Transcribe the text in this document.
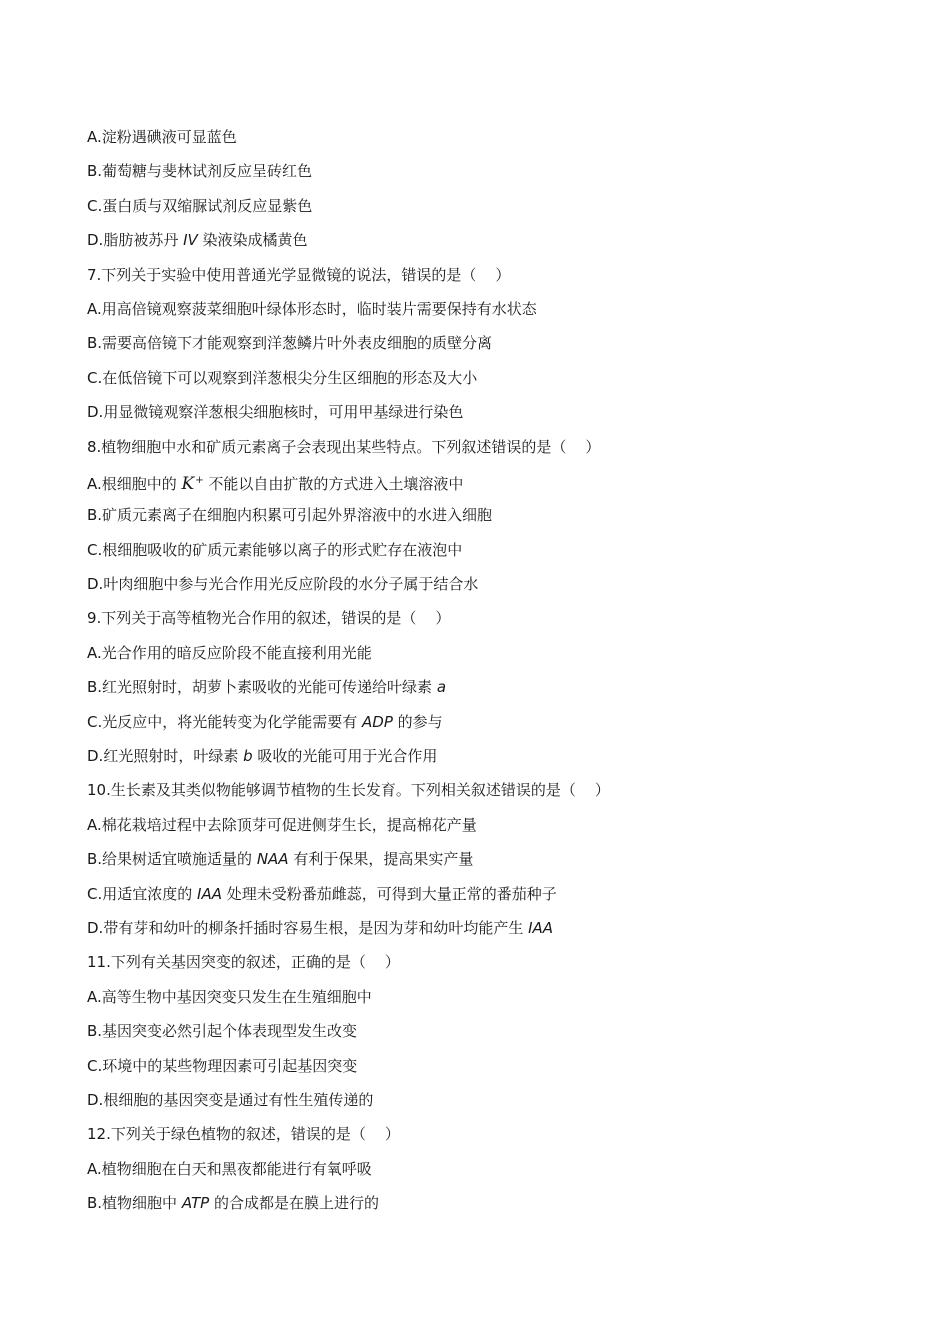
A.淀粉遇碘液可显蓝色
B.葡萄糖与斐林试剂反应呈砖红色
C.蛋白质与双缩脲试剂反应显紫色
D.脂肪被苏丹 IV 染液染成橘黄色
7.下列关于实验中使用普通光学显微镜的说法，错误的是（    ）
A.用高倍镜观察菠菜细胞叶绿体形态时，临时装片需要保持有水状态
B.需要高倍镜下才能观察到洋葱鳞片叶外表皮细胞的质壁分离
C.在低倍镜下可以观察到洋葱根尖分生区细胞的形态及大小
D.用显微镜观察洋葱根尖细胞核时，可用甲基绿进行染色
8.植物细胞中水和矿质元素离子会表现出某些特点。下列叙述错误的是（    ）
A.根细胞中的 K+ 不能以自由扩散的方式进入土壤溶液中
B.矿质元素离子在细胞内积累可引起外界溶液中的水进入细胞
C.根细胞吸收的矿质元素能够以离子的形式贮存在液泡中
D.叶肉细胞中参与光合作用光反应阶段的水分子属于结合水
9.下列关于高等植物光合作用的叙述，错误的是（    ）
A.光合作用的暗反应阶段不能直接利用光能
B.红光照射时，胡萝卜素吸收的光能可传递给叶绿素 a
C.光反应中，将光能转变为化学能需要有 ADP 的参与
D.红光照射时，叶绿素 b 吸收的光能可用于光合作用
10.生长素及其类似物能够调节植物的生长发育。下列相关叙述错误的是（    ）
A.棉花栽培过程中去除顶芽可促进侧芽生长，提高棉花产量
B.给果树适宜喷施适量的 NAA 有利于保果，提高果实产量
C.用适宜浓度的 IAA 处理未受粉番茄雌蕊，可得到大量正常的番茄种子
D.带有芽和幼叶的柳条扦插时容易生根，是因为芽和幼叶均能产生 IAA
11.下列有关基因突变的叙述，正确的是（    ）
A.高等生物中基因突变只发生在生殖细胞中
B.基因突变必然引起个体表现型发生改变
C.环境中的某些物理因素可引起基因突变
D.根细胞的基因突变是通过有性生殖传递的
12.下列关于绿色植物的叙述，错误的是（    ）
A.植物细胞在白天和黑夜都能进行有氧呼吸
B.植物细胞中 ATP 的合成都是在膜上进行的
